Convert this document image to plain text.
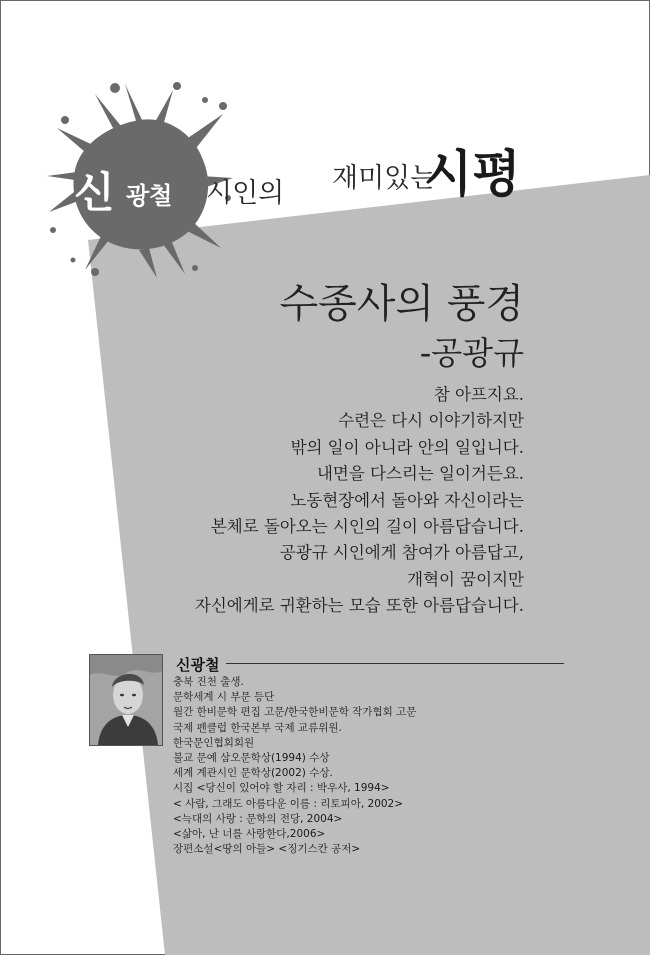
신 광철 시인의 재미있는
시평
수종사의 풍경
-공광규
참 아프지요.
수련은 다시 이야기하지만
밖의 일이 아니라 안의 일입니다.
내면을 다스리는 일이거든요.
노동현장에서 돌아와 자신이라는
본체로 돌아오는 시인의 길이 아름답습니다.
공광규 시인에게 참여가 아름답고,
개혁이 꿈이지만
자신에게로 귀환하는 모습 또한 아름답습니다.
신광철
충북 진천 출생.
문학세계 시 부문 등단
월간 한비문학 편집 고문/한국한비문학 작가협회 고문
국제 펜클럽 한국본부 국제 교류위원.
한국문인협회회원
불교 문예 삼오문학상(1994) 수상
세계 계관시인 문학상(2002) 수상.
시집 <당신이 있어야 할 자리 : 박우사, 1994>
< 사람, 그래도 아름다운 이름 : 리토피아, 2002>
<늑대의 사랑 : 문학의 전당, 2004>
<삶아, 난 너를 사랑한다,2006>
장편소설<땅의 아들> <징기스칸 공저>
